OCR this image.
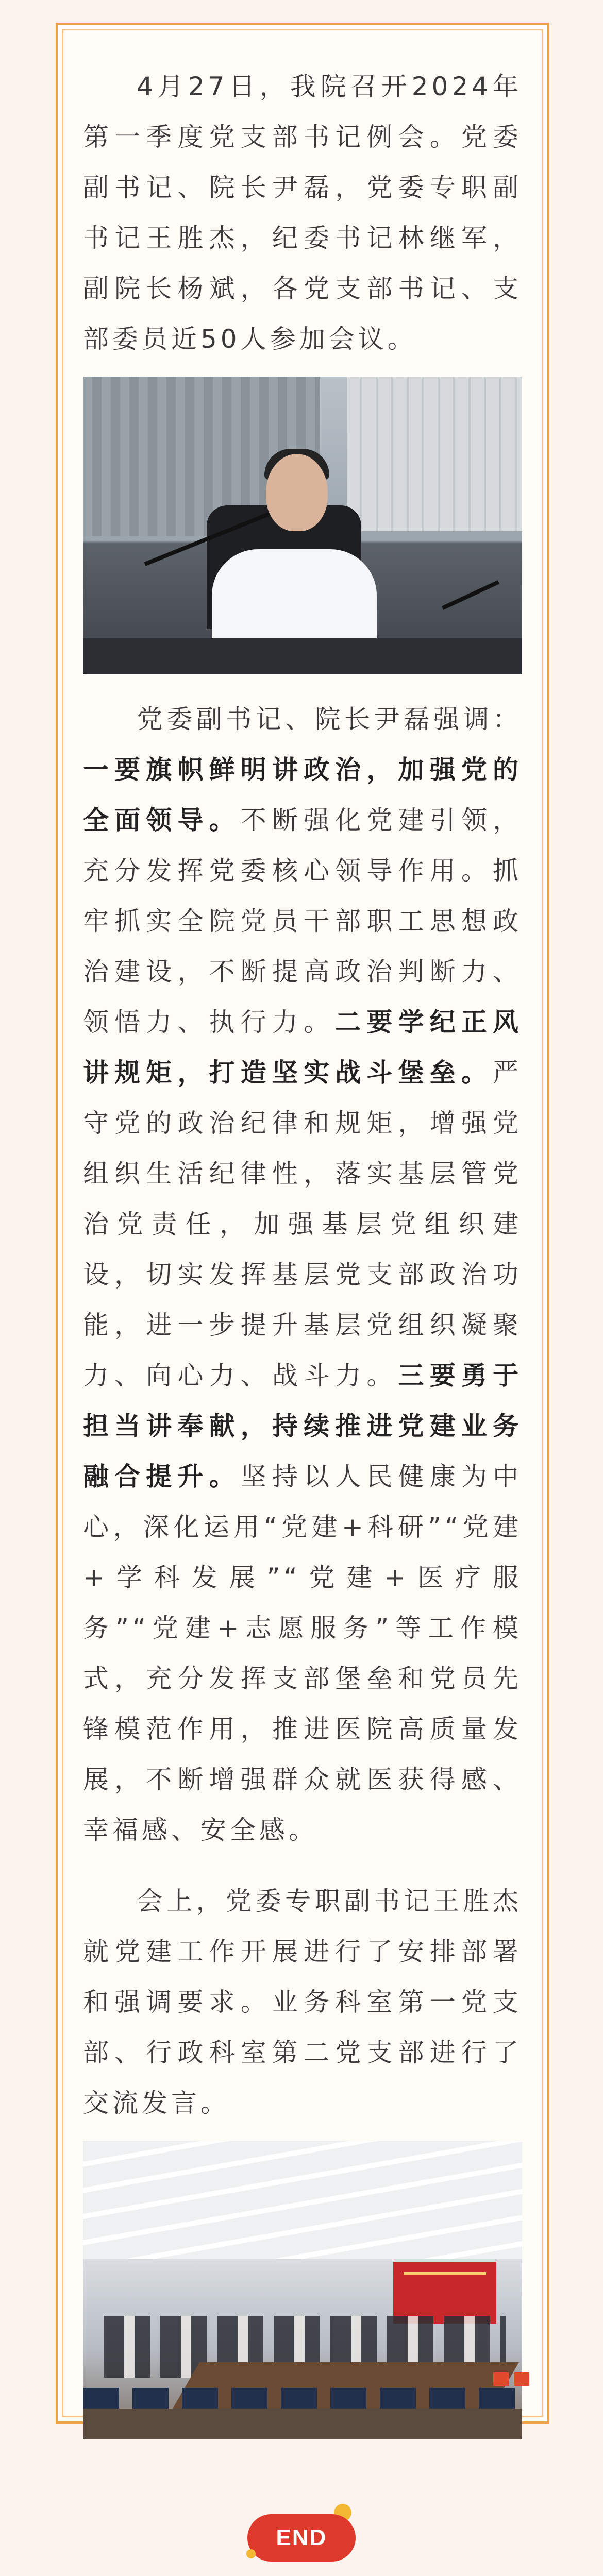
4月27日，我院召开2024年第一季度党支部书记例会。党委副书记、院长尹磊，党委专职副书记王胜杰，纪委书记林继军，副院长杨斌，各党支部书记、支部委员近50人参加会议。

党委副书记、院长尹磊强调：一要旗帜鲜明讲政治，加强党的全面领导。不断强化党建引领，充分发挥党委核心领导作用。抓牢抓实全院党员干部职工思想政治建设，不断提高政治判断力、领悟力、执行力。二要学纪正风讲规矩，打造坚实战斗堡垒。严守党的政治纪律和规矩，增强党组织生活纪律性，落实基层管党治党责任，加强基层党组织建设，切实发挥基层党支部政治功能，进一步提升基层党组织凝聚力、向心力、战斗力。三要勇于担当讲奉献，持续推进党建业务融合提升。坚持以人民健康为中心，深化运用“党建+科研”“党建+学科发展”“党建+医疗服务”“党建+志愿服务”等工作模式，充分发挥支部堡垒和党员先锋模范作用，推进医院高质量发展，不断增强群众就医获得感、幸福感、安全感。

会上，党委专职副书记王胜杰就党建工作开展进行了安排部署和强调要求。业务科室第一党支部、行政科室第二党支部进行了交流发言。

END
